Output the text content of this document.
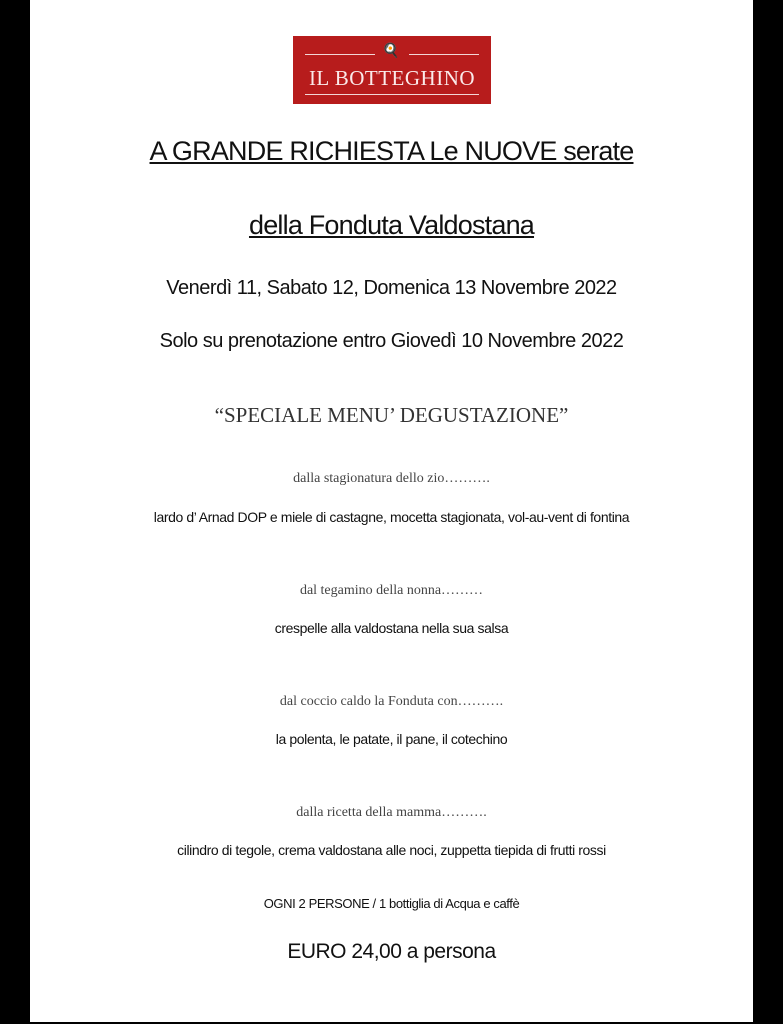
🍳
IL BOTTEGHINO
A GRANDE RICHIESTA Le NUOVE serate
della Fonduta Valdostana
Venerdì 11, Sabato 12, Domenica 13 Novembre 2022
Solo su prenotazione entro Giovedì 10 Novembre 2022
“SPECIALE MENU’ DEGUSTAZIONE”
dalla stagionatura dello zio……….
lardo d’ Arnad DOP e miele di castagne, mocetta stagionata, vol-au-vent di fontina
dal tegamino della nonna………
crespelle alla valdostana nella sua salsa
dal coccio caldo la Fonduta con……….
la polenta, le patate, il pane, il cotechino
dalla ricetta della mamma……….
cilindro di tegole, crema valdostana alle noci, zuppetta tiepida di frutti rossi
OGNI 2 PERSONE / 1 bottiglia di Acqua e caffè
EURO 24,00 a persona
